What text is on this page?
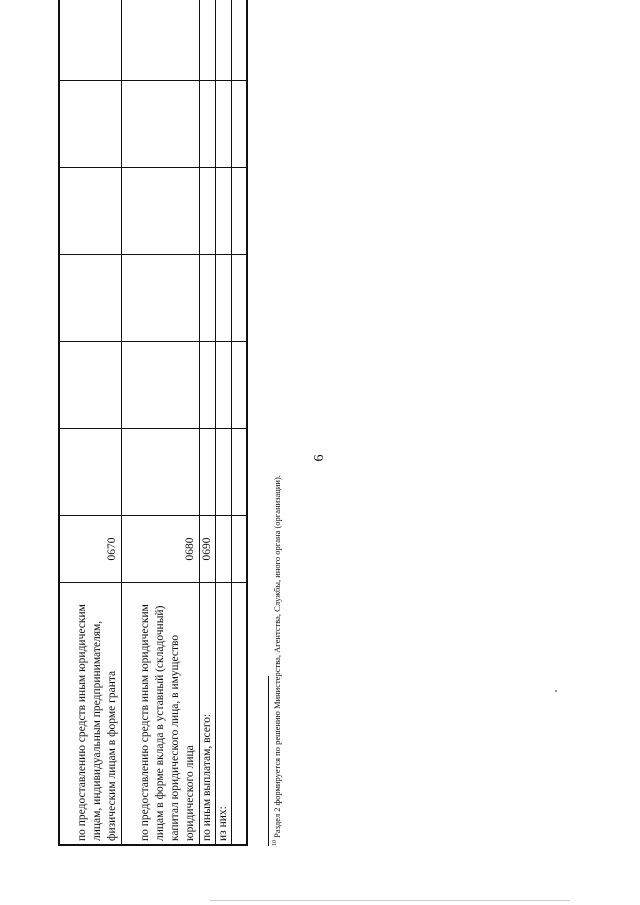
6
по предоставлению средств иным юридическим лицам, индивидуальным предпринимателям, физическим лицам в форме гранта	0670						
по предоставлению средств иным юридическим лицам в форме вклада в уставный (складочный) капитал юридического лица, в имущество юридического лица	0680						
по иным выплатам, всего:	0690						
из них:							

$^{10}$ Раздел 2 формируется по решению Министерства, Агентства, Службы, иного органа (организации).
